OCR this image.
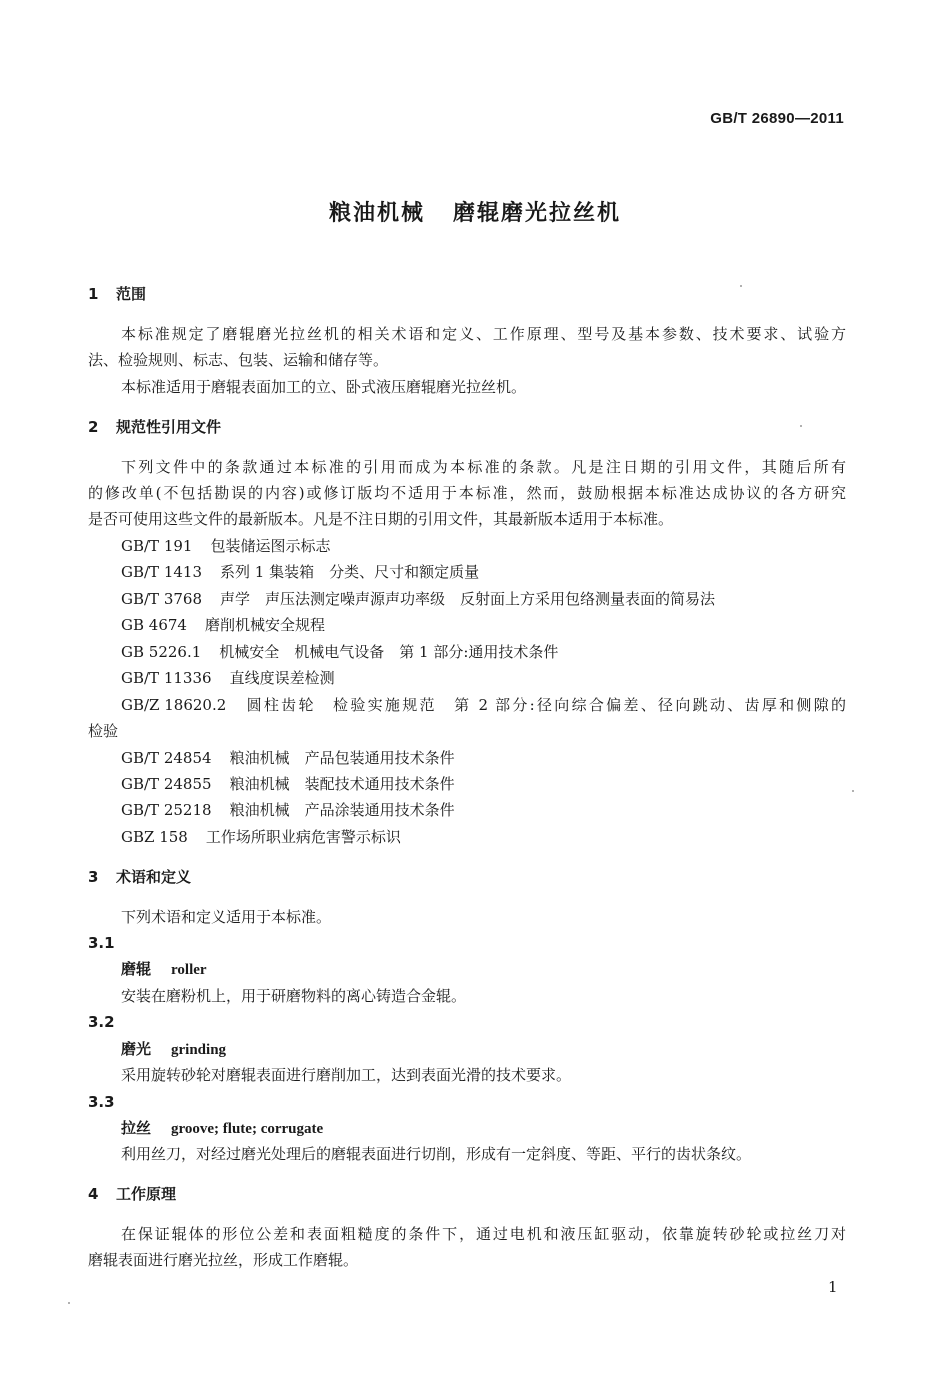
GB/T 26890—2011
粮油机械 磨辊磨光拉丝机
1 范围
本标准规定了磨辊磨光拉丝机的相关术语和定义、工作原理、型号及基本参数、技术要求、试验方
法、检验规则、标志、包装、运输和储存等。
本标准适用于磨辊表面加工的立、卧式液压磨辊磨光拉丝机。
2 规范性引用文件
下列文件中的条款通过本标准的引用而成为本标准的条款。凡是注日期的引用文件，其随后所有
的修改单(不包括勘误的内容)或修订版均不适用于本标准，然而，鼓励根据本标准达成协议的各方研究
是否可使用这些文件的最新版本。凡是不注日期的引用文件，其最新版本适用于本标准。
GB/T 191 包装储运图示标志
GB/T 1413 系列 1 集装箱　分类、尺寸和额定质量
GB/T 3768 声学　声压法测定噪声源声功率级　反射面上方采用包络测量表面的简易法
GB 4674 磨削机械安全规程
GB 5226.1 机械安全　机械电气设备　第 1 部分:通用技术条件
GB/T 11336 直线度误差检测
GB/Z 18620.2 圆柱齿轮　检验实施规范　第 2 部分:径向综合偏差、径向跳动、齿厚和侧隙的
检验
GB/T 24854 粮油机械　产品包装通用技术条件
GB/T 24855 粮油机械　装配技术通用技术条件
GB/T 25218 粮油机械　产品涂装通用技术条件
GBZ 158 工作场所职业病危害警示标识
3 术语和定义
下列术语和定义适用于本标准。
3.1
磨辊 roller
安装在磨粉机上，用于研磨物料的离心铸造合金辊。
3.2
磨光 grinding
采用旋转砂轮对磨辊表面进行磨削加工，达到表面光滑的技术要求。
3.3
拉丝 groove; flute; corrugate
利用丝刀，对经过磨光处理后的磨辊表面进行切削，形成有一定斜度、等距、平行的齿状条纹。
4 工作原理
在保证辊体的形位公差和表面粗糙度的条件下，通过电机和液压缸驱动，依靠旋转砂轮或拉丝刀对
磨辊表面进行磨光拉丝，形成工作磨辊。
1
